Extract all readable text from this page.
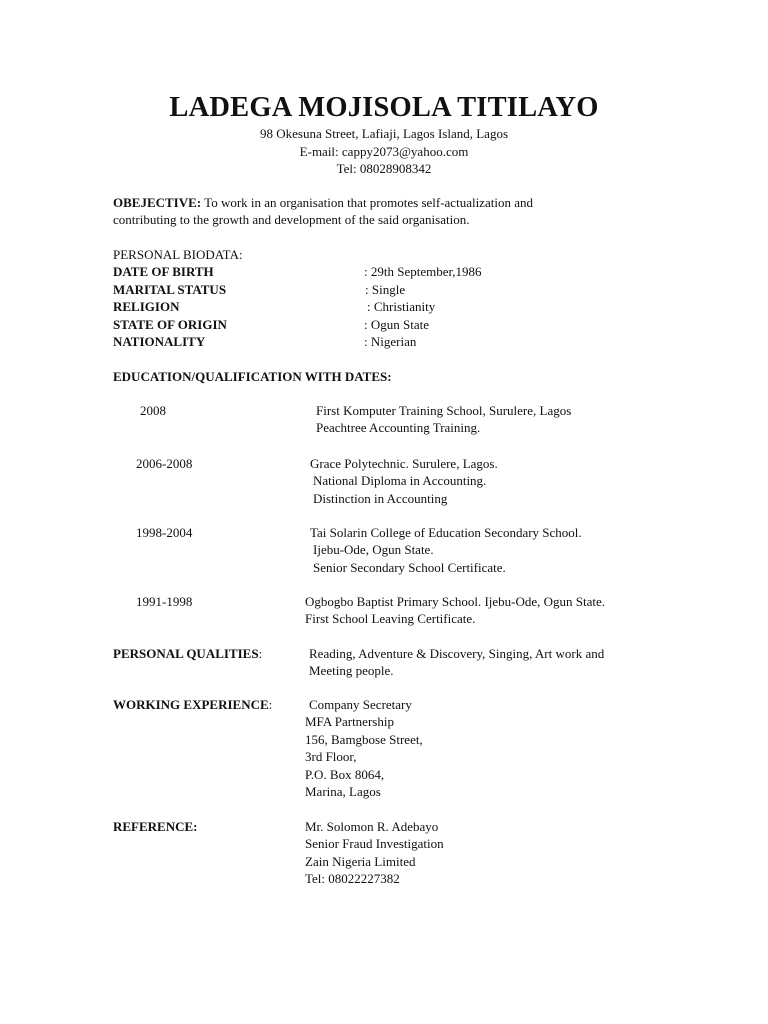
LADEGA MOJISOLA TITILAYO
98 Okesuna Street, Lafiaji, Lagos Island, Lagos
E-mail: cappy2073@yahoo.com
Tel: 08028908342
OBEJECTIVE: To work in an organisation that promotes self-actualization and
contributing to the growth and development of the said organisation.
PERSONAL BIODATA:
DATE OF BIRTH	: 29th September,1986
MARITAL STATUS	: Single
RELIGION	: Christianity
STATE OF ORIGIN	: Ogun State
NATIONALITY	: Nigerian
EDUCATION/QUALIFICATION WITH DATES:
2008	First Komputer Training School, Surulere, Lagos
Peachtree Accounting Training.
2006-2008	Grace Polytechnic. Surulere, Lagos.
National Diploma in Accounting.
Distinction in Accounting
1998-2004	Tai Solarin College of Education Secondary School.
Ijebu-Ode, Ogun State.
Senior Secondary School Certificate.
1991-1998	Ogbogbo Baptist Primary School. Ijebu-Ode, Ogun State.
First School Leaving Certificate.
PERSONAL QUALITIES:	Reading, Adventure & Discovery, Singing, Art work and
Meeting people.
WORKING EXPERIENCE:	Company Secretary
MFA Partnership
156, Bamgbose Street,
3rd Floor,
P.O. Box 8064,
Marina, Lagos
REFERENCE:	Mr. Solomon R. Adebayo
Senior Fraud Investigation
Zain Nigeria Limited
Tel: 08022227382
